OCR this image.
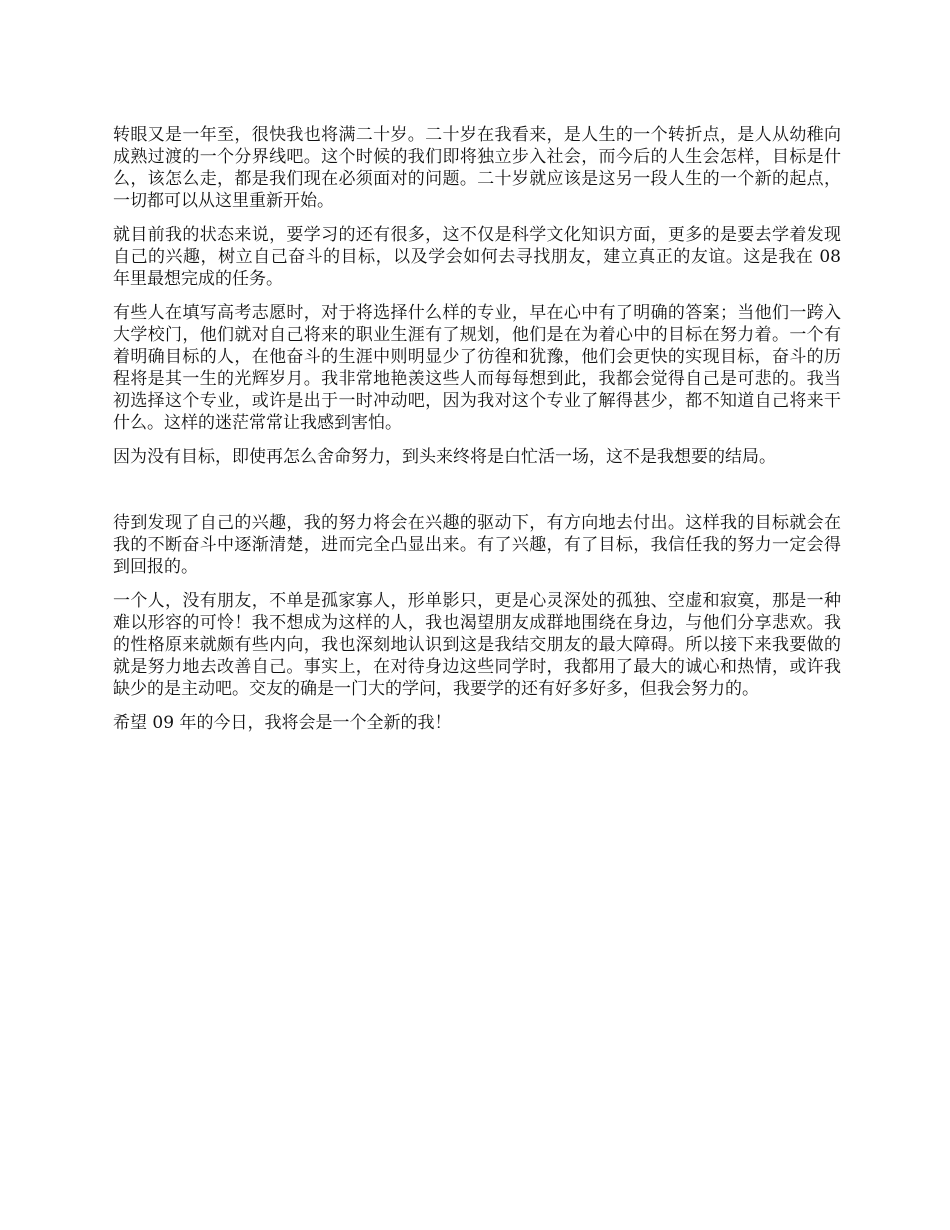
转眼又是一年至，很快我也将满二十岁。二十岁在我看来，是人生的一个转折点，是人从幼稚向成熟过渡的一个分界线吧。这个时候的我们即将独立步入社会，而今后的人生会怎样，目标是什么，该怎么走，都是我们现在必须面对的问题。二十岁就应该是这另一段人生的一个新的起点，一切都可以从这里重新开始。

就目前我的状态来说，要学习的还有很多，这不仅是科学文化知识方面，更多的是要去学着发现自己的兴趣，树立自己奋斗的目标，以及学会如何去寻找朋友，建立真正的友谊。这是我在 08 年里最想完成的任务。

有些人在填写高考志愿时，对于将选择什么样的专业，早在心中有了明确的答案；当他们一跨入大学校门，他们就对自己将来的职业生涯有了规划，他们是在为着心中的目标在努力着。一个有着明确目标的人，在他奋斗的生涯中则明显少了彷徨和犹豫，他们会更快的实现目标，奋斗的历程将是其一生的光辉岁月。我非常地艳羡这些人而每每想到此，我都会觉得自己是可悲的。我当初选择这个专业，或许是出于一时冲动吧，因为我对这个专业了解得甚少，都不知道自己将来干什么。这样的迷茫常常让我感到害怕。

因为没有目标，即使再怎么舍命努力，到头来终将是白忙活一场，这不是我想要的结局。

待到发现了自己的兴趣，我的努力将会在兴趣的驱动下，有方向地去付出。这样我的目标就会在我的不断奋斗中逐渐清楚，进而完全凸显出来。有了兴趣，有了目标，我信任我的努力一定会得到回报的。

一个人，没有朋友，不单是孤家寡人，形单影只，更是心灵深处的孤独、空虚和寂寞，那是一种难以形容的可怜！我不想成为这样的人，我也渴望朋友成群地围绕在身边，与他们分享悲欢。我的性格原来就颇有些内向，我也深刻地认识到这是我结交朋友的最大障碍。所以接下来我要做的就是努力地去改善自己。事实上，在对待身边这些同学时，我都用了最大的诚心和热情，或许我缺少的是主动吧。交友的确是一门大的学问，我要学的还有好多好多，但我会努力的。

希望 09 年的今日，我将会是一个全新的我！
